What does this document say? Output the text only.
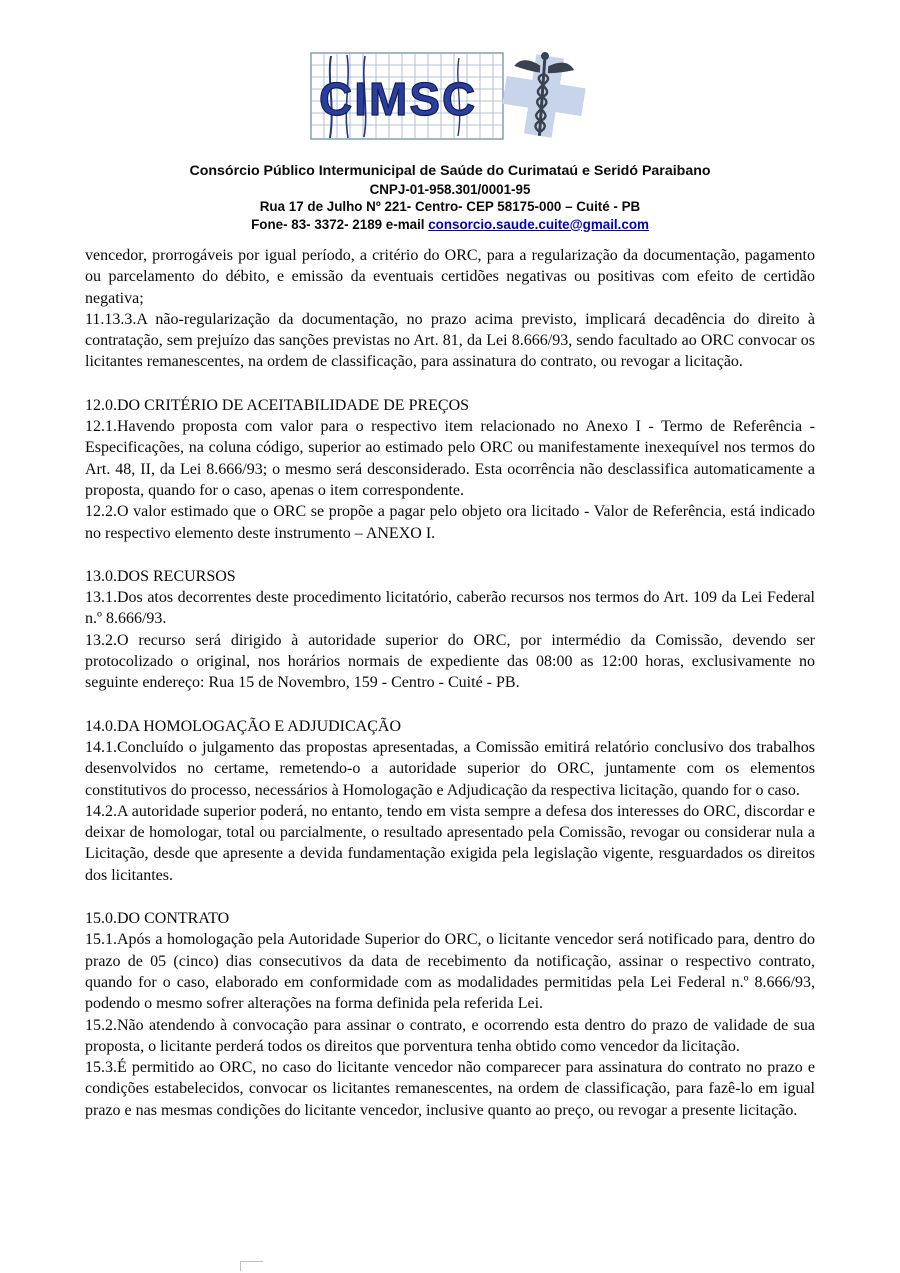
CIMSC
Consórcio Público Intermunicipal de Saúde do Curimataú e Seridó Paraibano
CNPJ-01-958.301/0001-95
Rua 17 de Julho Nº 221- Centro- CEP 58175-000 – Cuité - PB
Fone- 83- 3372- 2189 e-mail consorcio.saude.cuite@gmail.com

vencedor, prorrogáveis por igual período, a critério do ORC, para a regularização da documentação, pagamento ou parcelamento do débito, e emissão da eventuais certidões negativas ou positivas com efeito de certidão negativa;

11.13.3.A não-regularização da documentação, no prazo acima previsto, implicará decadência do direito à contratação, sem prejuízo das sanções previstas no Art. 81, da Lei 8.666/93, sendo facultado ao ORC convocar os licitantes remanescentes, na ordem de classificação, para assinatura do contrato, ou revogar a licitação.

12.0.DO CRITÉRIO DE ACEITABILIDADE DE PREÇOS

12.1.Havendo proposta com valor para o respectivo item relacionado no Anexo I - Termo de Referência - Especificações, na coluna código, superior ao estimado pelo ORC ou manifestamente inexequível nos termos do Art. 48, II, da Lei 8.666/93; o mesmo será desconsiderado. Esta ocorrência não desclassifica automaticamente a proposta, quando for o caso, apenas o item correspondente.

12.2.O valor estimado que o ORC se propõe a pagar pelo objeto ora licitado - Valor de Referência, está indicado no respectivo elemento deste instrumento – ANEXO I.

13.0.DOS RECURSOS

13.1.Dos atos decorrentes deste procedimento licitatório, caberão recursos nos termos do Art. 109 da Lei Federal n.º 8.666/93.

13.2.O recurso será dirigido à autoridade superior do ORC, por intermédio da Comissão, devendo ser protocolizado o original, nos horários normais de expediente das 08:00 as 12:00 horas, exclusivamente no seguinte endereço: Rua 15 de Novembro, 159 - Centro - Cuité - PB.

14.0.DA HOMOLOGAÇÃO E ADJUDICAÇÃO

14.1.Concluído o julgamento das propostas apresentadas, a Comissão emitirá relatório conclusivo dos trabalhos desenvolvidos no certame, remetendo-o a autoridade superior do ORC, juntamente com os elementos constitutivos do processo, necessários à Homologação e Adjudicação da respectiva licitação, quando for o caso.

14.2.A autoridade superior poderá, no entanto, tendo em vista sempre a defesa dos interesses do ORC, discordar e deixar de homologar, total ou parcialmente, o resultado apresentado pela Comissão, revogar ou considerar nula a Licitação, desde que apresente a devida fundamentação exigida pela legislação vigente, resguardados os direitos dos licitantes.

15.0.DO CONTRATO

15.1.Após a homologação pela Autoridade Superior do ORC, o licitante vencedor será notificado para, dentro do prazo de 05 (cinco) dias consecutivos da data de recebimento da notificação, assinar o respectivo contrato, quando for o caso, elaborado em conformidade com as modalidades permitidas pela Lei Federal n.º 8.666/93, podendo o mesmo sofrer alterações na forma definida pela referida Lei.

15.2.Não atendendo à convocação para assinar o contrato, e ocorrendo esta dentro do prazo de validade de sua proposta, o licitante perderá todos os direitos que porventura tenha obtido como vencedor da licitação.

15.3.É permitido ao ORC, no caso do licitante vencedor não comparecer para assinatura do contrato no prazo e condições estabelecidos, convocar os licitantes remanescentes, na ordem de classificação, para fazê-lo em igual prazo e nas mesmas condições do licitante vencedor, inclusive quanto ao preço, ou revogar a presente licitação.
